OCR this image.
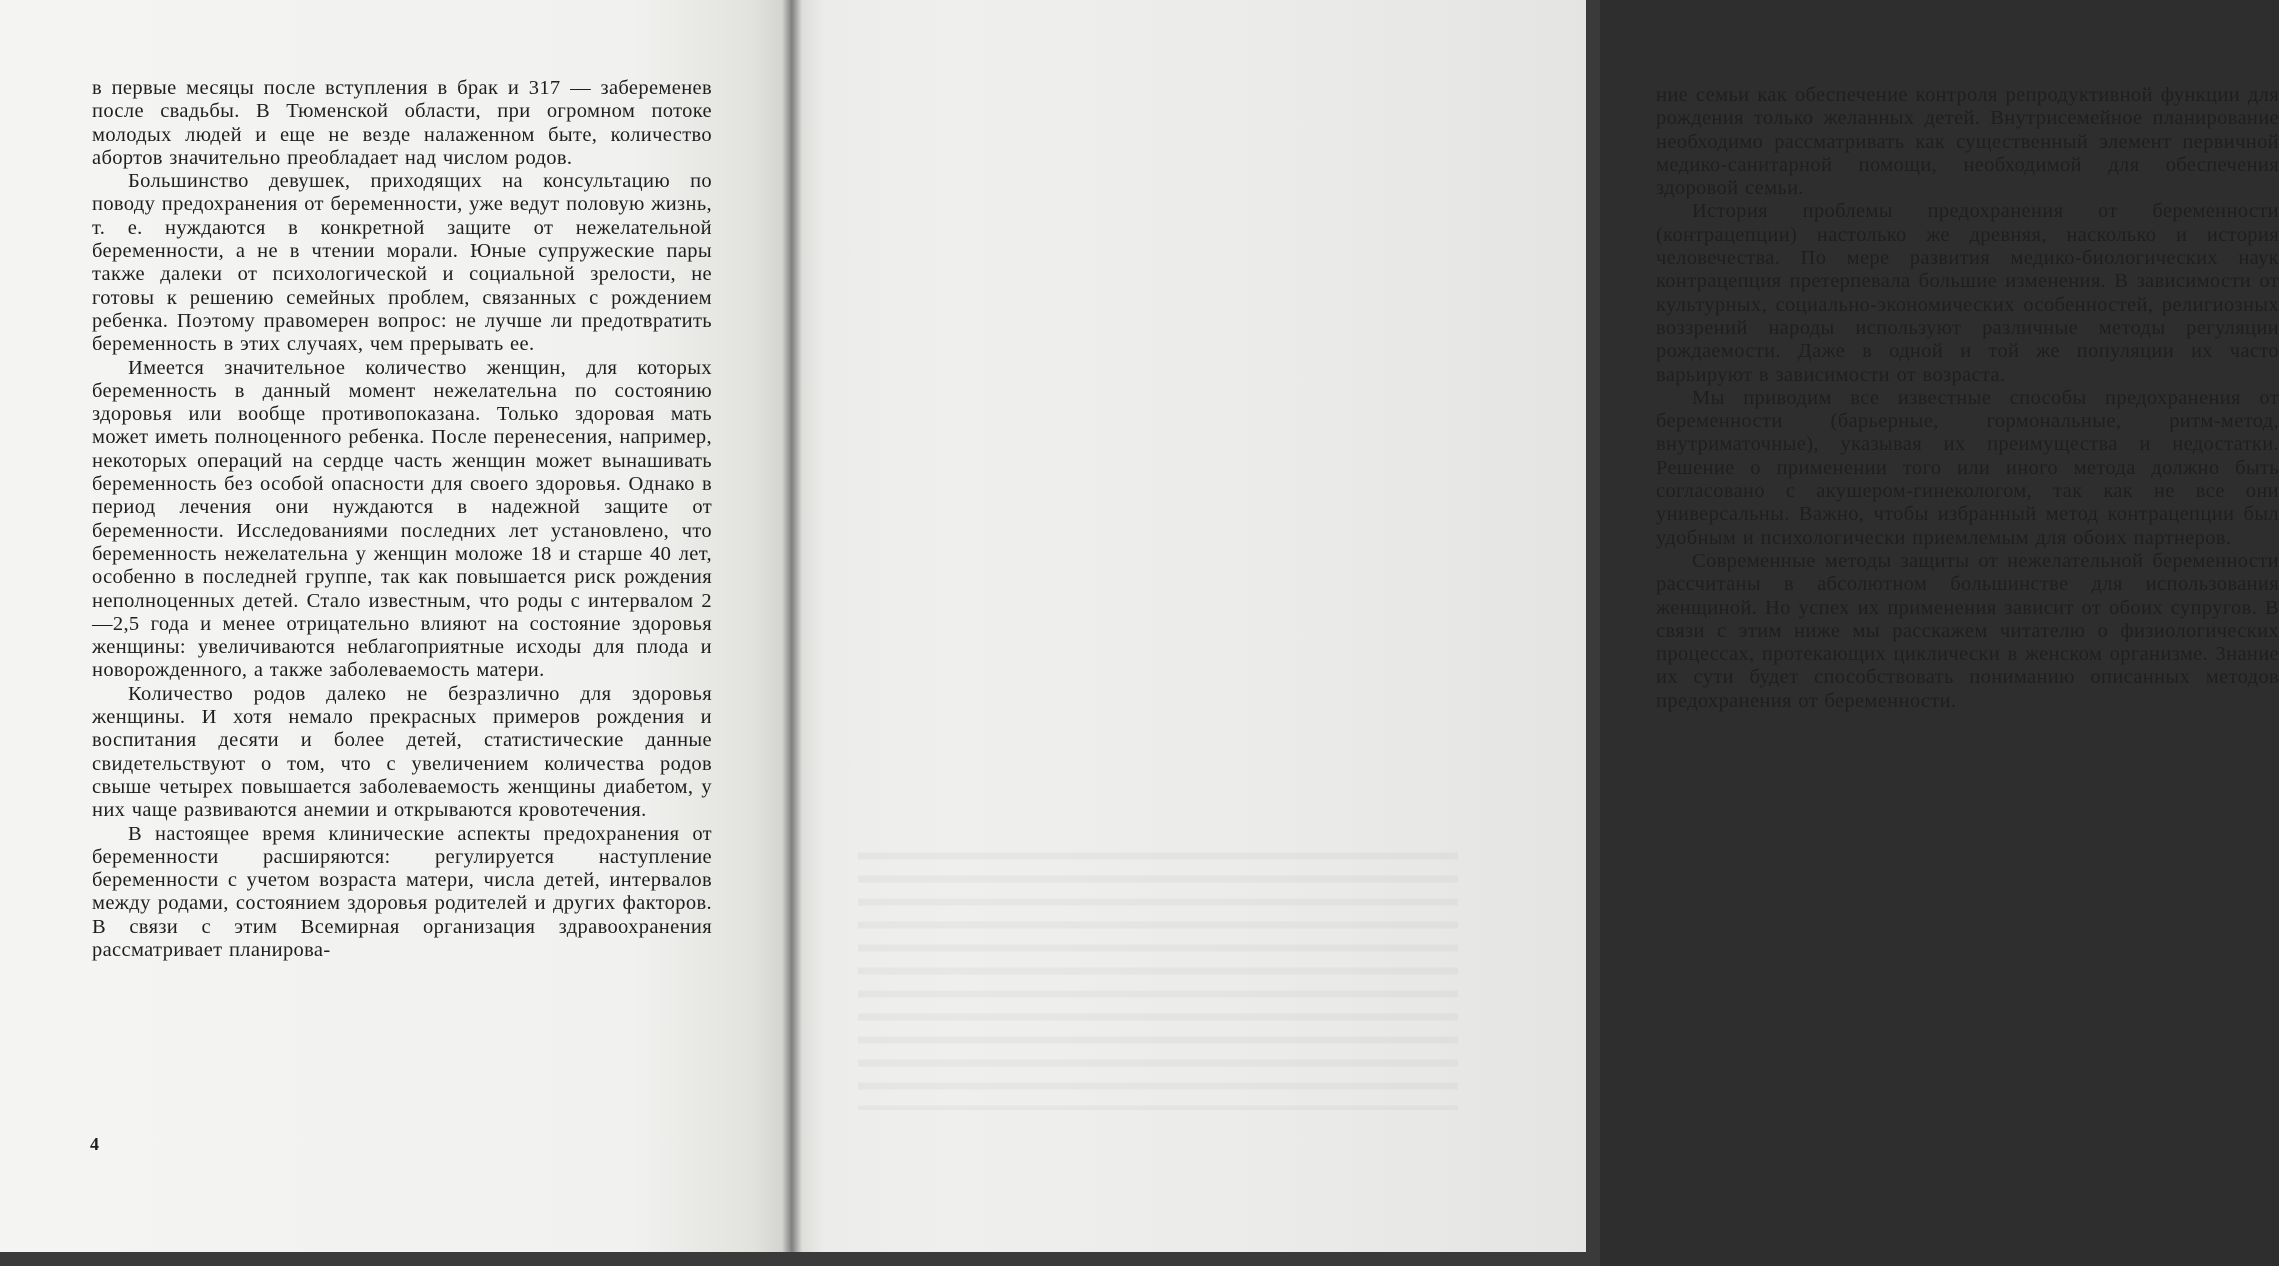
в первые месяцы после вступления в брак и 317 — забеременев после свадьбы. В Тюменской области, при огромном потоке молодых людей и еще не везде налаженном быте, количество абортов значительно преобладает над числом родов.

Большинство девушек, приходящих на консультацию по поводу предохранения от беременности, уже ведут половую жизнь, т. е. нуждаются в конкретной защите от нежелательной беременности, а не в чтении морали. Юные супружеские пары также далеки от психологической и социальной зрелости, не готовы к решению семейных проблем, связанных с рождением ребенка. Поэтому правомерен вопрос: не лучше ли предотвратить беременность в этих случаях, чем прерывать ее.

Имеется значительное количество женщин, для которых беременность в данный момент нежелательна по состоянию здоровья или вообще противопоказана. Только здоровая мать может иметь полноценного ребенка. После перенесения, например, некоторых операций на сердце часть женщин может вынашивать беременность без особой опасности для своего здоровья. Однако в период лечения они нуждаются в надежной защите от беременности. Исследованиями последних лет установлено, что беременность нежелательна у женщин моложе 18 и старше 40 лет, особенно в последней группе, так как повышается риск рождения неполноценных детей. Стало известным, что роды с интервалом 2—2,5 года и менее отрицательно влияют на состояние здоровья женщины: увеличиваются неблагоприятные исходы для плода и новорожденного, а также заболеваемость матери.

Количество родов далеко не безразлично для здоровья женщины. И хотя немало прекрасных примеров рождения и воспитания десяти и более детей, статистические данные свидетельствуют о том, что с увеличением количества родов свыше четырех повышается заболеваемость женщины диабетом, у них чаще развиваются анемии и открываются кровотечения.

В настоящее время клинические аспекты предохранения от беременности расширяются: регулируется наступление беременности с учетом возраста матери, числа детей, интервалов между родами, состоянием здоровья родителей и других факторов. В связи с этим Всемирная организация здравоохранения рассматривает планирова-

4

ние семьи как обеспечение контроля репродуктивной функции для рождения только желанных детей. Внутрисемейное планирование необходимо рассматривать как существенный элемент первичной медико-санитарной помощи, необходимой для обеспечения здоровой семьи.

История проблемы предохранения от беременности (контрацепции) настолько же древняя, насколько и история человечества. По мере развития медико-биологических наук контрацепция претерпевала большие изменения. В зависимости от культурных, социально-экономических особенностей, религиозных воззрений народы используют различные методы регуляции рождаемости. Даже в одной и той же популяции их часто варьируют в зависимости от возраста.

Мы приводим все известные способы предохранения от беременности (барьерные, гормональные, ритм-метод, внутриматочные), указывая их преимущества и недостатки. Решение о применении того или иного метода должно быть согласовано с акушером-гинекологом, так как не все они универсальны. Важно, чтобы избранный метод контрацепции был удобным и психологически приемлемым для обоих партнеров.

Современные методы защиты от нежелательной беременности рассчитаны в абсолютном большинстве для использования женщиной. Но успех их применения зависит от обоих супругов. В связи с этим ниже мы расскажем читателю о физиологических процессах, протекающих циклически в женском организме. Знание их сути будет способствовать пониманию описанных методов предохранения от беременности.
